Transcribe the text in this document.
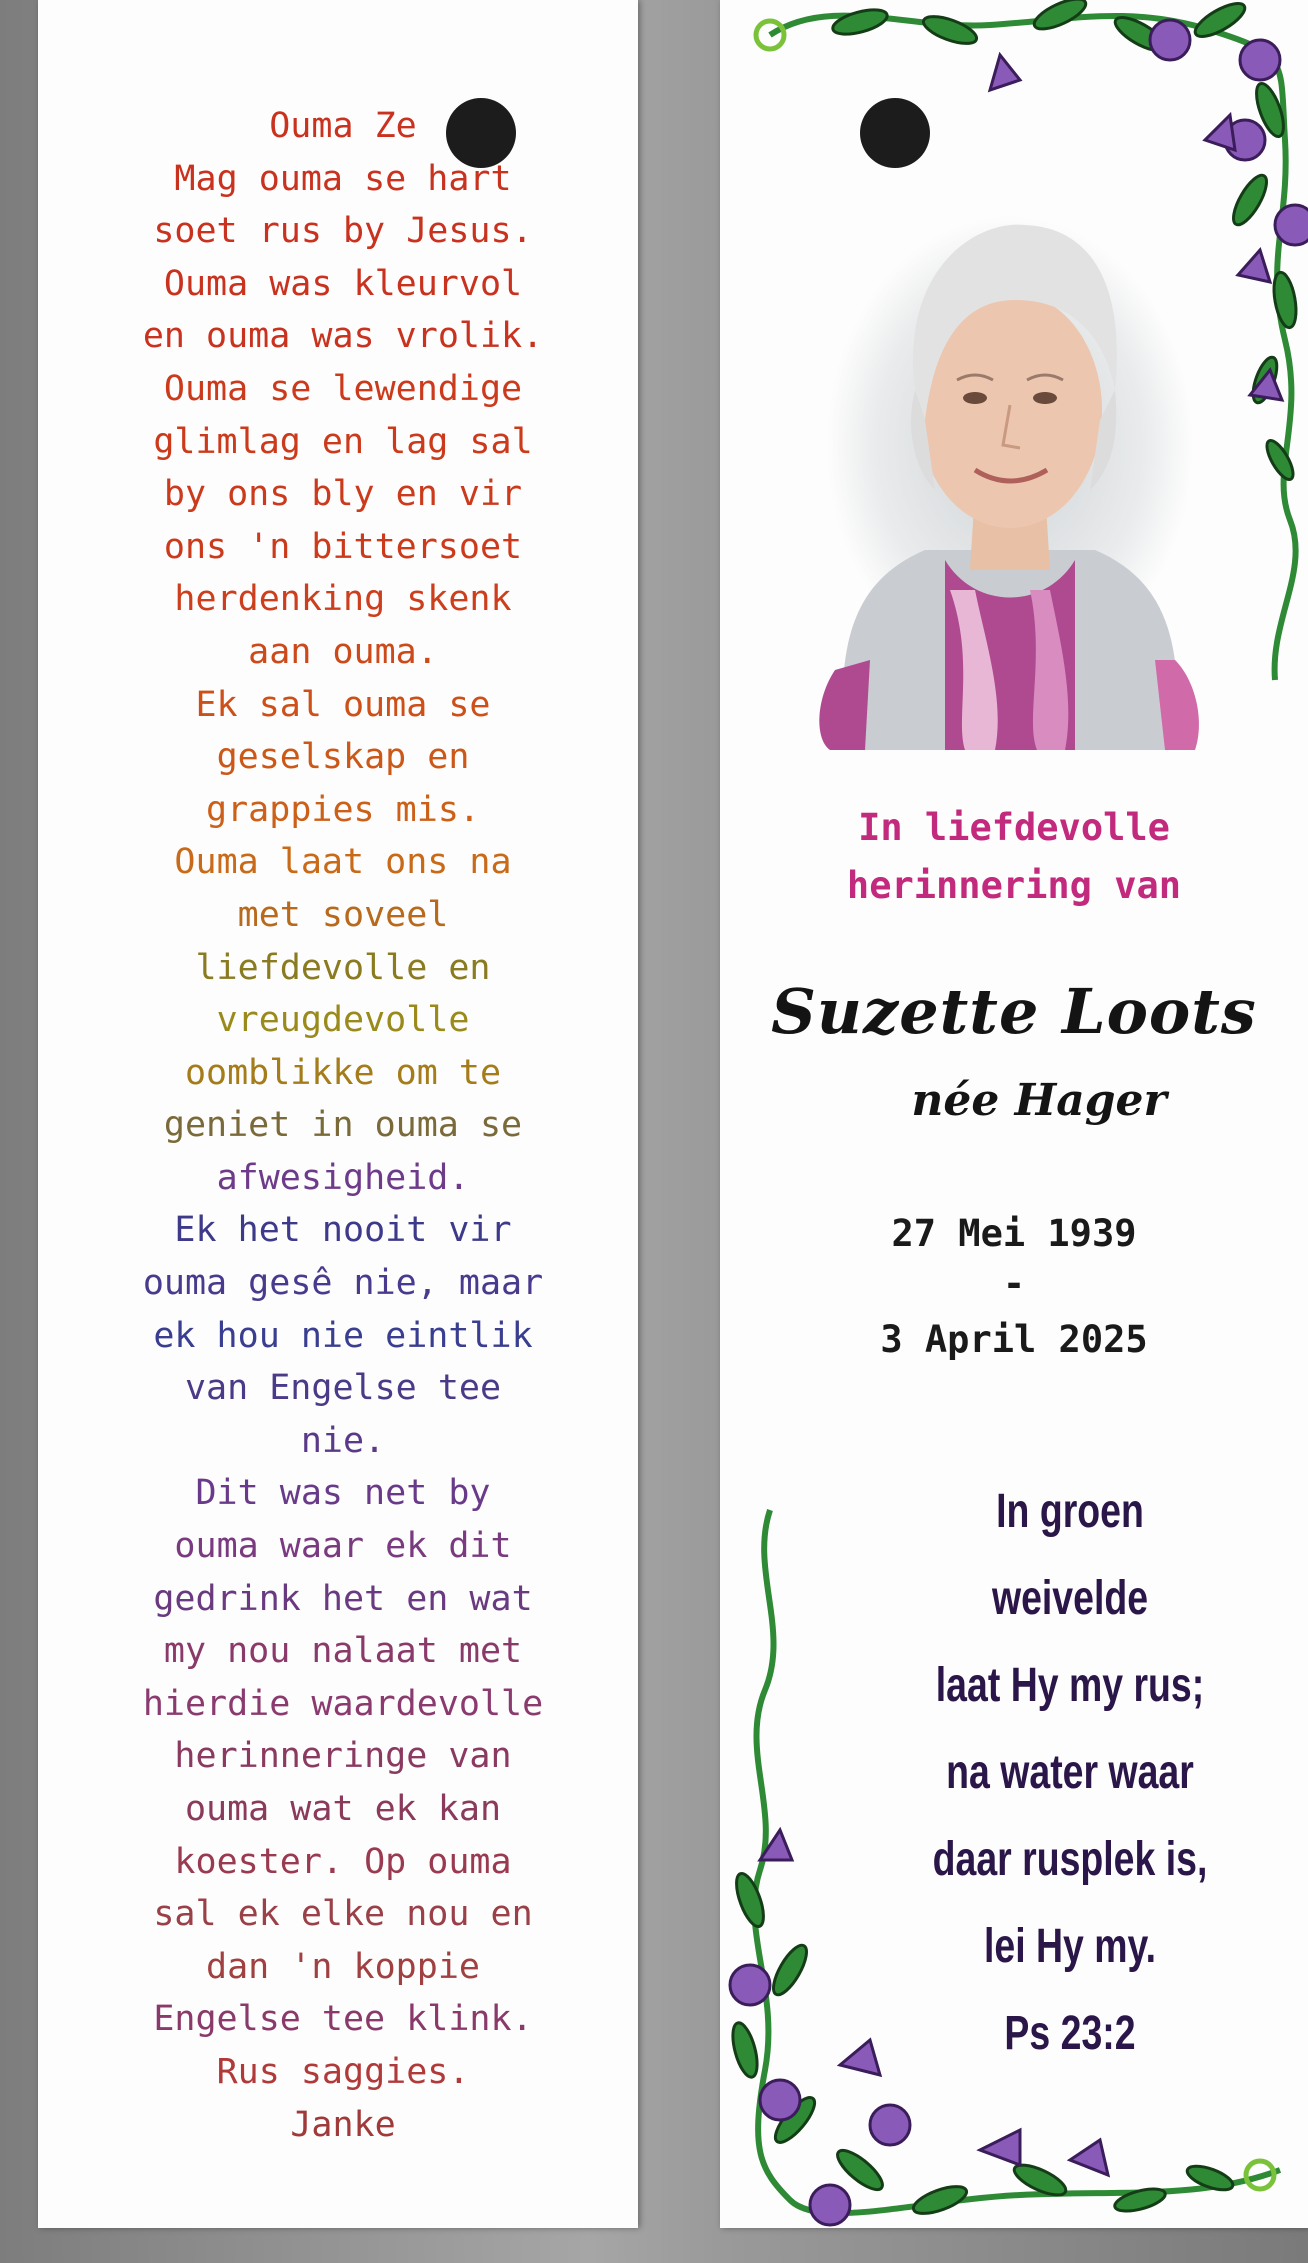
Ouma Ze
Mag ouma se hart
soet rus by Jesus.
Ouma was kleurvol
en ouma was vrolik.
Ouma se lewendige
glimlag en lag sal
by ons bly en vir
ons 'n bittersoet
herdenking skenk
aan ouma.
Ek sal ouma se
geselskap en
grappies mis.
Ouma laat ons na
met soveel
liefdevolle en
vreugdevolle
oomblikke om te
geniet in ouma se
afwesigheid.
Ek het nooit vir
ouma gesê nie, maar
ek hou nie eintlik
van Engelse tee
nie.
Dit was net by
ouma waar ek dit
gedrink het en wat
my nou nalaat met
hierdie waardevolle
herinneringe van
ouma wat ek kan
koester. Op ouma
sal ek elke nou en
dan 'n koppie
Engelse tee klink.
Rus saggies.
Janke
In liefdevolle
herinnering van
Suzette Loots
née Hager
27 Mei 1939
-
3 April 2025
In groen
weivelde
laat Hy my rus;
na water waar
daar rusplek is,
lei Hy my.
Ps 23:2
